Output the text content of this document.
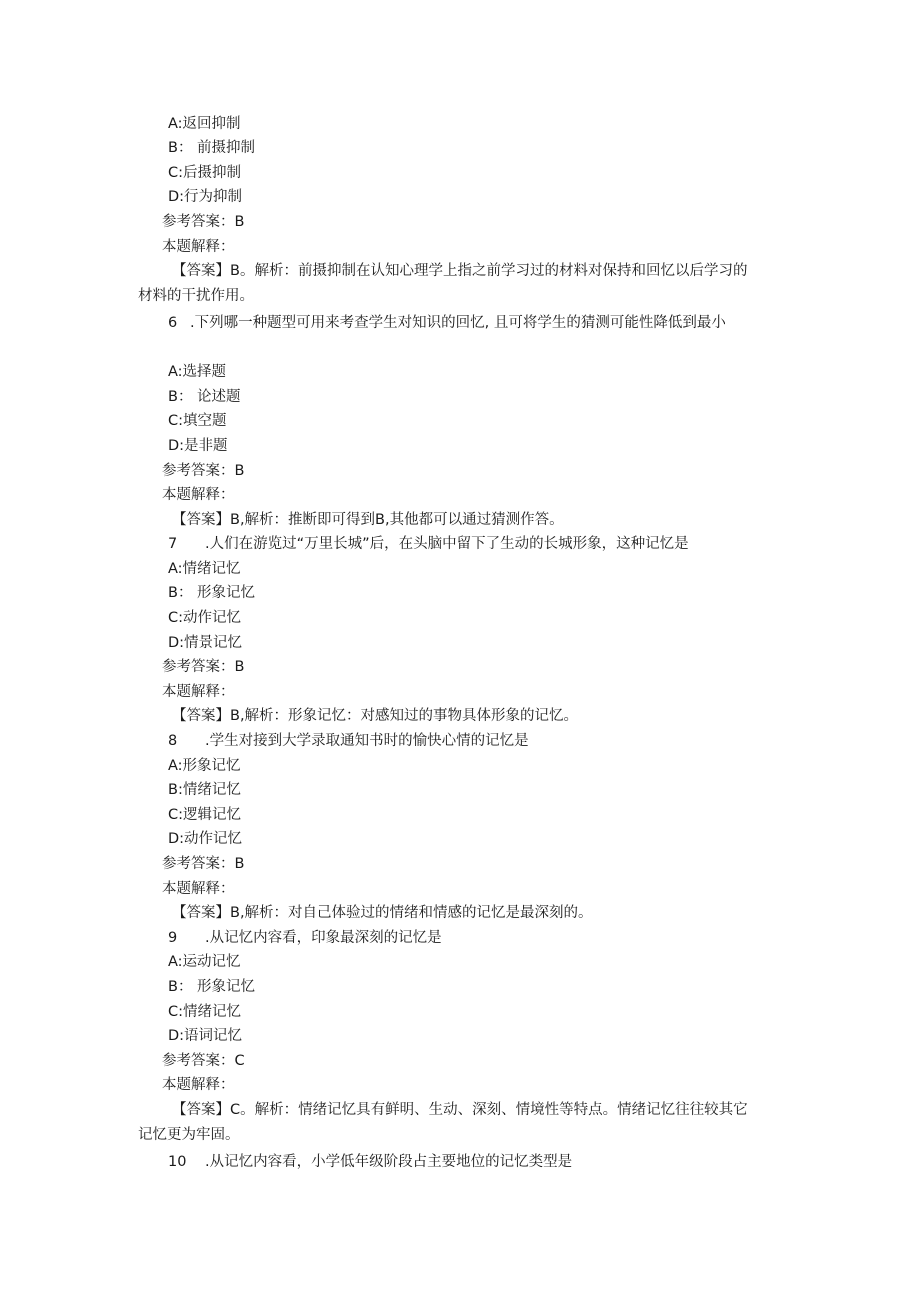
A:返回抑制
B： 前摄抑制
C:后摄抑制
D:行为抑制
参考答案：B
本题解释：
【答案】B。解析：前摄抑制在认知心理学上指之前学习过的材料对保持和回忆以后学习的
材料的干扰作用。
6 .下列哪一种题型可用来考查学生对知识的回忆, 且可将学生的猜测可能性降低到最小
A:选择题
B： 论述题
C:填空题
D:是非题
参考答案：B
本题解释：
【答案】B,解析：推断即可得到B,其他都可以通过猜测作答。
7 .人们在游览过“万里长城”后，在头脑中留下了生动的长城形象，这种记忆是
A:情绪记忆
B： 形象记忆
C:动作记忆
D:情景记忆
参考答案：B
本题解释：
【答案】B,解析：形象记忆：对感知过的事物具体形象的记忆。
8 .学生对接到大学录取通知书时的愉快心情的记忆是
A:形象记忆
B:情绪记忆
C:逻辑记忆
D:动作记忆
参考答案：B
本题解释：
【答案】B,解析：对自己体验过的情绪和情感的记忆是最深刻的。
9 .从记忆内容看，印象最深刻的记忆是
A:运动记忆
B： 形象记忆
C:情绪记忆
D:语词记忆
参考答案：C
本题解释：
【答案】C。解析：情绪记忆具有鲜明、生动、深刻、情境性等特点。情绪记忆往往较其它
记忆更为牢固。
10 .从记忆内容看，小学低年级阶段占主要地位的记忆类型是
